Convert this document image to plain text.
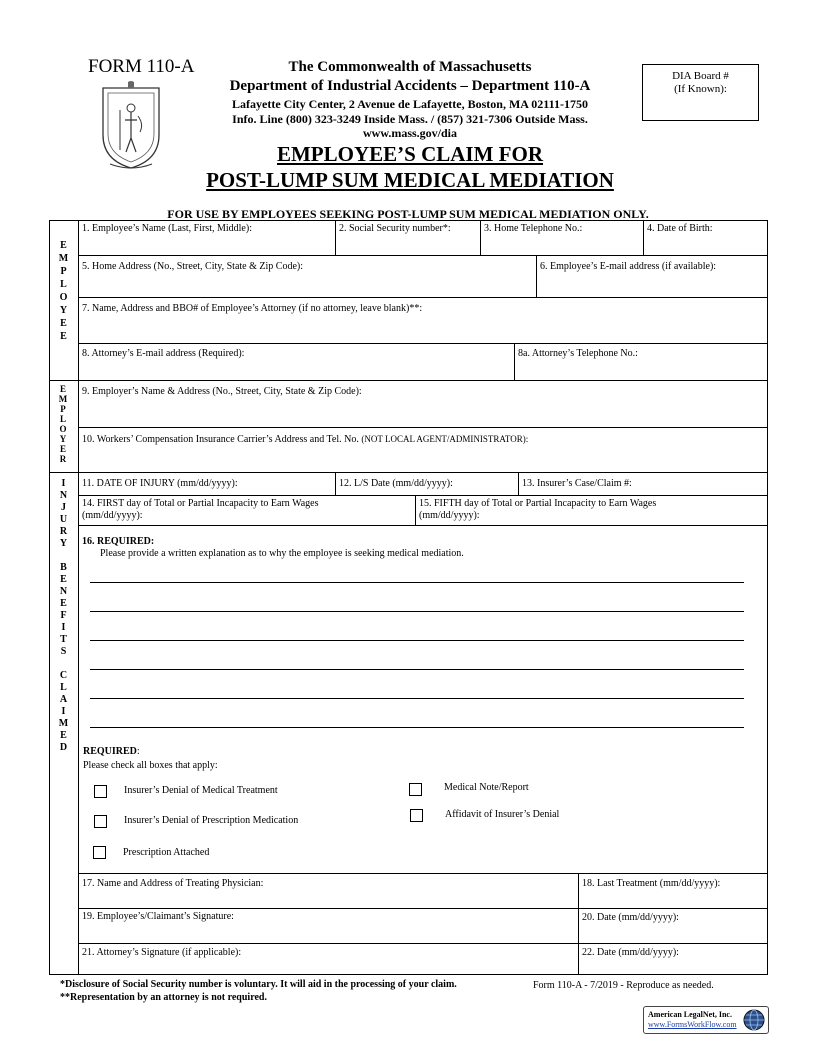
FORM 110-A	The Commonwealth of Massachusetts
Department of Industrial Accidents – Department 110-A
Lafayette City Center, 2 Avenue de Lafayette, Boston, MA 02111-1750
Info. Line (800) 323-3249 Inside Mass. / (857) 321-7306 Outside Mass.
www.mass.gov/dia
EMPLOYEE’S CLAIM FOR
POST-LUMP SUM MEDICAL MEDIATION
DIA Board #
(If Known):
FOR USE BY EMPLOYEES SEEKING POST-LUMP SUM MEDICAL MEDIATION ONLY.
EMPLOYEE
EMPLOYER
INJURY BENEFITS CLAIMED
1. Employee’s Name (Last, First, Middle):	2. Social Security number*:	3. Home Telephone No.:	4. Date of Birth:
5. Home Address (No., Street, City, State & Zip Code):	6. Employee’s E-mail address (if available):
7. Name, Address and BBO# of Employee’s Attorney (if no attorney, leave blank)**:
8. Attorney’s E-mail address (Required):	8a. Attorney’s Telephone No.:
9. Employer’s Name & Address (No., Street, City, State & Zip Code):
10. Workers’ Compensation Insurance Carrier’s Address and Tel. No. (NOT LOCAL AGENT/ADMINISTRATOR):
11. DATE OF INJURY (mm/dd/yyyy):	12. L/S Date (mm/dd/yyyy):	13. Insurer’s Case/Claim #:
14. FIRST day of Total or Partial Incapacity to Earn Wages
(mm/dd/yyyy):
15. FIFTH day of Total or Partial Incapacity to Earn Wages
(mm/dd/yyyy):
16. REQUIRED:
Please provide a written explanation as to why the employee is seeking medical mediation.
REQUIRED:
Please check all boxes that apply:
Insurer’s Denial of Medical Treatment
Insurer’s Denial of Prescription Medication
Prescription Attached
Medical Note/Report
Affidavit of Insurer’s Denial
17. Name and Address of Treating Physician:	18. Last Treatment (mm/dd/yyyy):
19. Employee’s/Claimant’s Signature:	20. Date (mm/dd/yyyy):
21. Attorney’s Signature (if applicable):	22. Date (mm/dd/yyyy):
*Disclosure of Social Security number is voluntary. It will aid in the processing of your claim.
**Representation by an attorney is not required.
Form 110-A - 7/2019 - Reproduce as needed.
American LegalNet, Inc.
www.FormsWorkFlow.com
